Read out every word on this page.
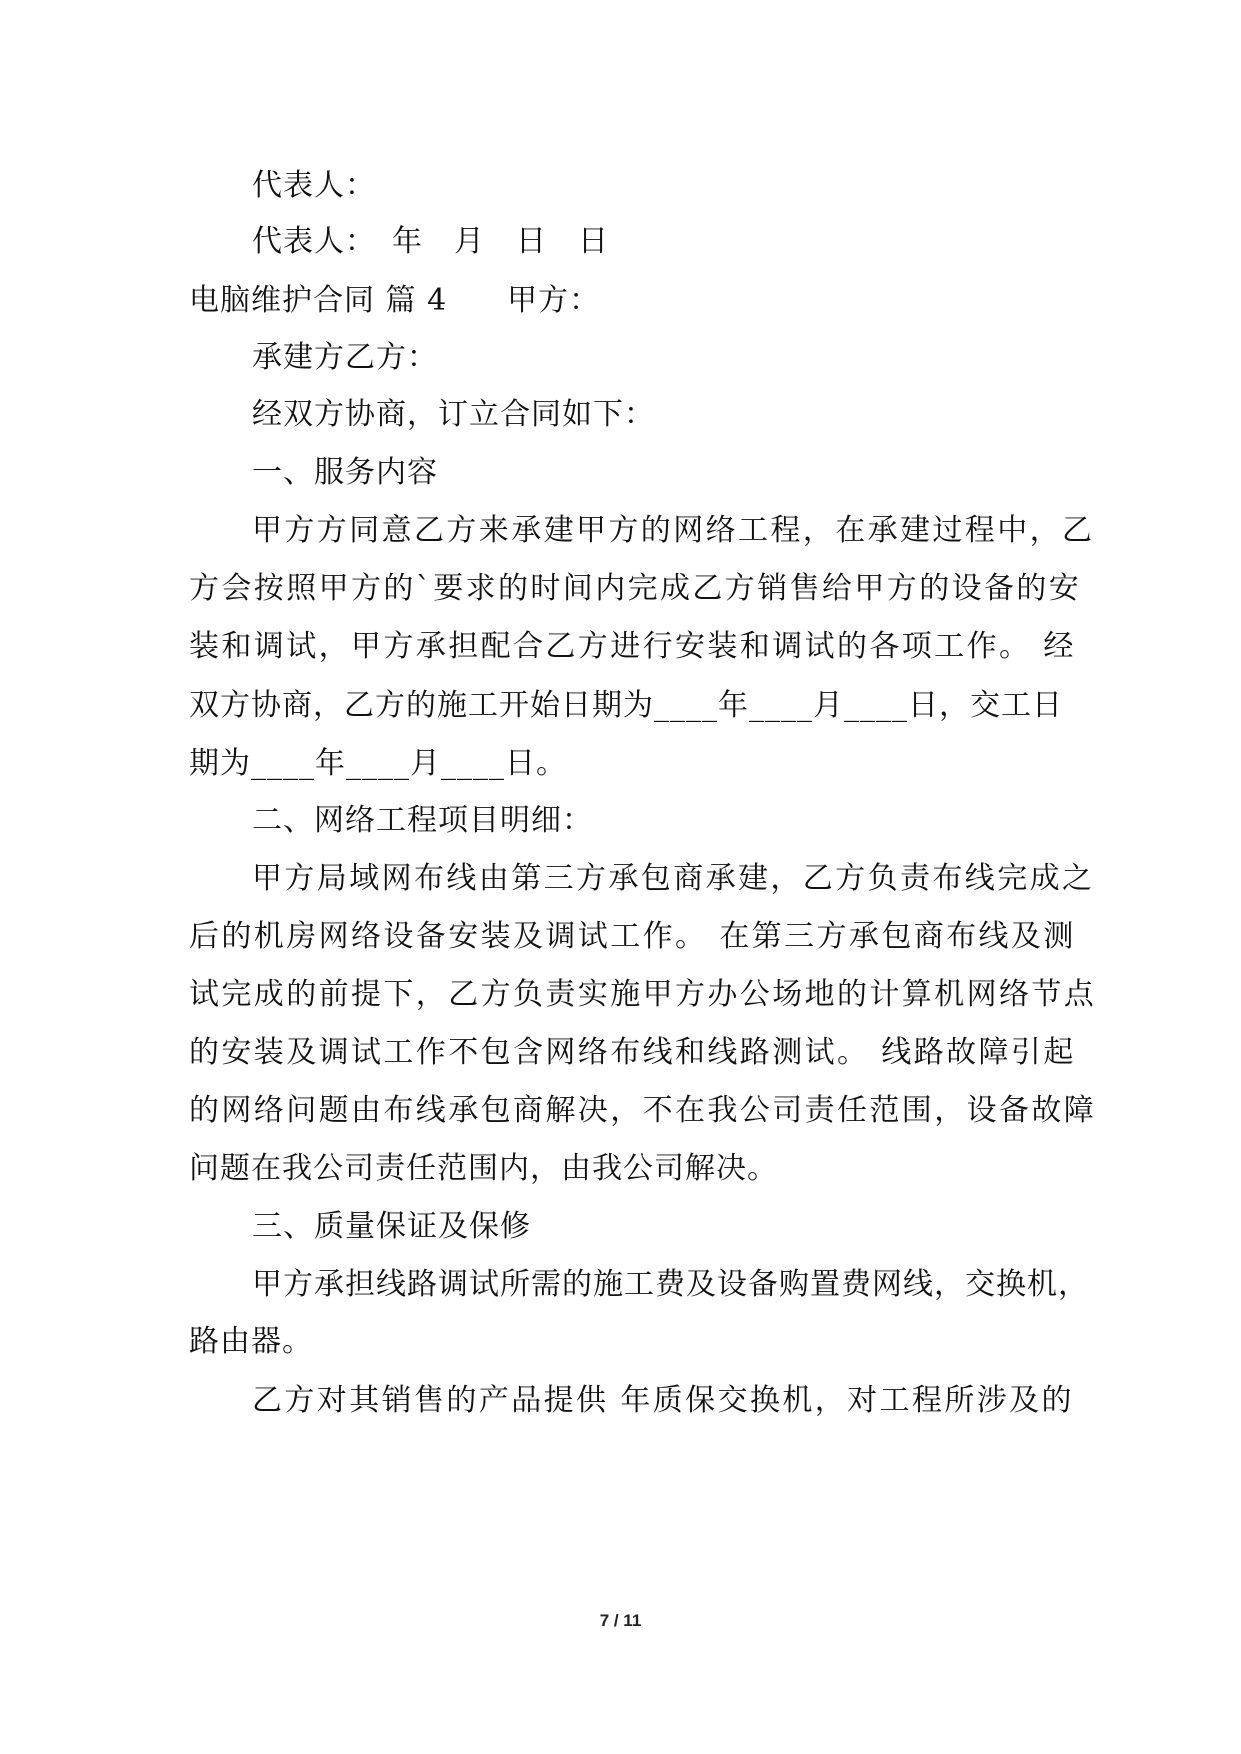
代表人：
代表人：　年　月　日　日
电脑维护合同 篇 4 甲方：
承建方乙方：
经双方协商，订立合同如下：
一、服务内容
甲方方同意乙方来承建甲方的网络工程，在承建过程中，乙
方会按照甲方的`要求的时间内完成乙方销售给甲方的设备的安
装和调试，甲方承担配合乙方进行安装和调试的各项工作。 经
双方协商，乙方的施工开始日期为____年____月____日，交工日
期为____年____月____日。
二、网络工程项目明细：
甲方局域网布线由第三方承包商承建，乙方负责布线完成之
后的机房网络设备安装及调试工作。 在第三方承包商布线及测
试完成的前提下，乙方负责实施甲方办公场地的计算机网络节点
的安装及调试工作不包含网络布线和线路测试。 线路故障引起
的网络问题由布线承包商解决，不在我公司责任范围，设备故障
问题在我公司责任范围内，由我公司解决。
三、质量保证及保修
甲方承担线路调试所需的施工费及设备购置费网线，交换机，
路由器。
乙方对其销售的产品提供 年质保交换机，对工程所涉及的
7 / 11
